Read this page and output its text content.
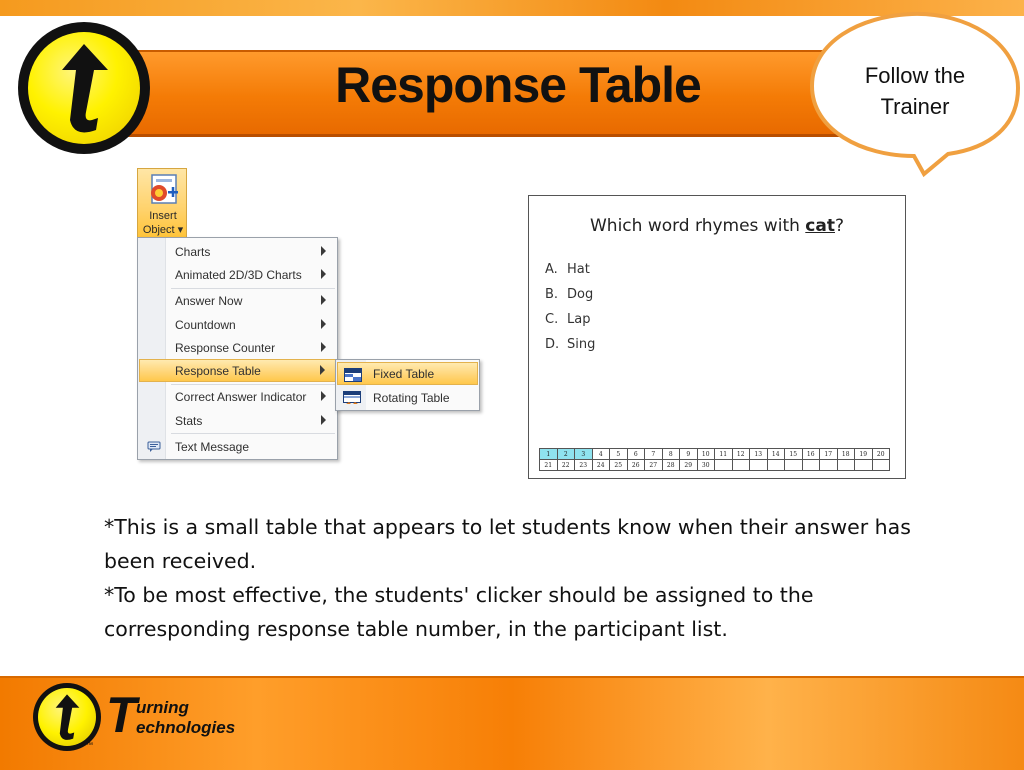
Response Table	Follow the
Trainer
Insert
Object ▾
Charts
Animated 2D/3D Charts
Answer Now
Countdown
Response Counter
Response Table
Correct Answer Indicator
Stats
Text Message
Fixed Table
Rotating Table
Which word rhymes with cat?
A. Hat
B. Dog
C. Lap
D. Sing
1	2	3	4	5	6	7	8	9	10	11	12	13	14	15	16	17	18	19	20
21	22	23	24	25	26	27	28	29	30										

*This is a small table that appears to let students know when their answer has been received.

*To be most effective, the students' clicker should be assigned to the corresponding response table number, in the participant list.

T urning
echnologies
™
